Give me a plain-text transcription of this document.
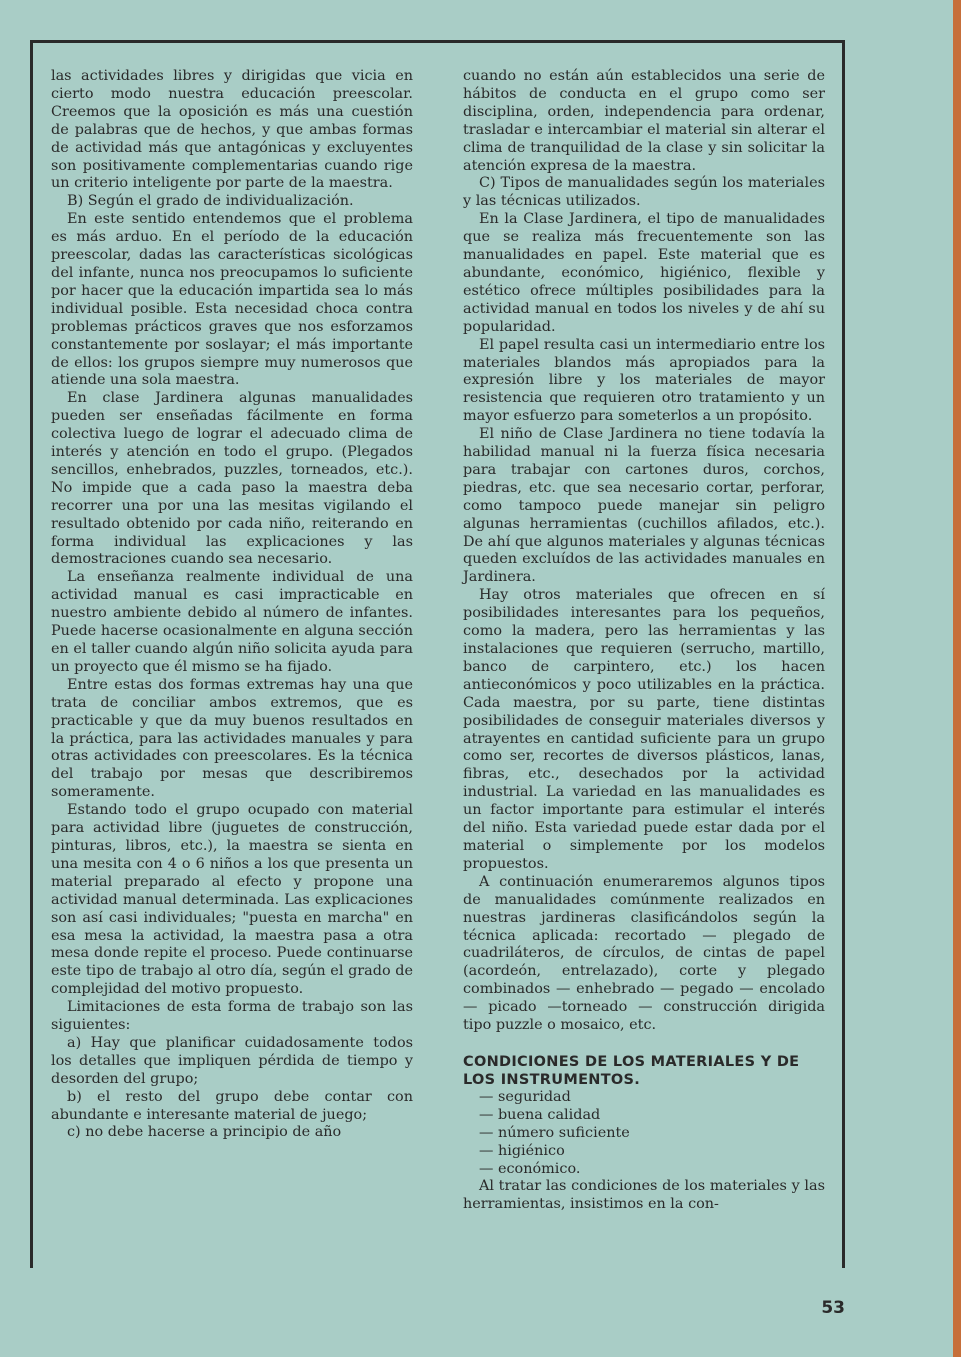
las actividades libres y dirigidas que vicia en cierto modo nuestra educación preescolar. Creemos que la oposición es más una cuestión de palabras que de hechos, y que ambas formas de actividad más que antagónicas y excluyentes son positivamente complementarias cuando rige un criterio inteligente por parte de la maestra.

B) Según el grado de individualización.

En este sentido entendemos que el problema es más arduo. En el período de la educación preescolar, dadas las características sicológicas del infante, nunca nos preocupamos lo suficiente por hacer que la educación impartida sea lo más individual posible. Esta necesidad choca contra problemas prácticos graves que nos esforzamos constantemente por soslayar; el más importante de ellos: los grupos siempre muy numerosos que atiende una sola maestra.

En clase Jardinera algunas manualidades pueden ser enseñadas fácilmente en forma colectiva luego de lograr el adecuado clima de interés y atención en todo el grupo. (Plegados sencillos, enhebrados, puzzles, torneados, etc.). No impide que a cada paso la maestra deba recorrer una por una las mesitas vigilando el resultado obtenido por cada niño, reiterando en forma individual las explicaciones y las demostraciones cuando sea necesario.

La enseñanza realmente individual de una actividad manual es casi impracticable en nuestro ambiente debido al número de infantes. Puede hacerse ocasionalmente en alguna sección en el taller cuando algún niño solicita ayuda para un proyecto que él mismo se ha fijado.

Entre estas dos formas extremas hay una que trata de conciliar ambos extremos, que es practicable y que da muy buenos resultados en la práctica, para las actividades manuales y para otras actividades con preescolares. Es la técnica del trabajo por mesas que describiremos someramente.

Estando todo el grupo ocupado con material para actividad libre (juguetes de construcción, pinturas, libros, etc.), la maestra se sienta en una mesita con 4 o 6 niños a los que presenta un material preparado al efecto y propone una actividad manual determinada. Las explicaciones son así casi individuales; "puesta en marcha" en esa mesa la actividad, la maestra pasa a otra mesa donde repite el proceso. Puede continuarse este tipo de trabajo al otro día, según el grado de complejidad del motivo propuesto.

Limitaciones de esta forma de trabajo son las siguientes:

a) Hay que planificar cuidadosamente todos los detalles que impliquen pérdida de tiempo y desorden del grupo;

b) el resto del grupo debe contar con abundante e interesante material de juego;

c) no debe hacerse a principio de año

cuando no están aún establecidos una serie de hábitos de conducta en el grupo como ser disciplina, orden, independencia para ordenar, trasladar e intercambiar el material sin alterar el clima de tranquilidad de la clase y sin solicitar la atención expresa de la maestra.

C) Tipos de manualidades según los materiales y las técnicas utilizados.

En la Clase Jardinera, el tipo de manualidades que se realiza más frecuentemente son las manualidades en papel. Este material que es abundante, económico, higiénico, flexible y estético ofrece múltiples posibilidades para la actividad manual en todos los niveles y de ahí su popularidad.

El papel resulta casi un intermediario entre los materiales blandos más apropiados para la expresión libre y los materiales de mayor resistencia que requieren otro tratamiento y un mayor esfuerzo para someterlos a un propósito.

El niño de Clase Jardinera no tiene todavía la habilidad manual ni la fuerza física necesaria para trabajar con cartones duros, corchos, piedras, etc. que sea necesario cortar, perforar, como tampoco puede manejar sin peligro algunas herramientas (cuchillos afilados, etc.). De ahí que algunos materiales y algunas técnicas queden excluídos de las actividades manuales en Jardinera.

Hay otros materiales que ofrecen en sí posibilidades interesantes para los pequeños, como la madera, pero las herramientas y las instalaciones que requieren (serrucho, martillo, banco de carpintero, etc.) los hacen antieconómicos y poco utilizables en la práctica. Cada maestra, por su parte, tiene distintas posibilidades de conseguir materiales diversos y atrayentes en cantidad suficiente para un grupo como ser, recortes de diversos plásticos, lanas, fibras, etc., desechados por la actividad industrial. La variedad en las manualidades es un factor importante para estimular el interés del niño. Esta variedad puede estar dada por el material o simplemente por los modelos propuestos.

A continuación enumeraremos algunos tipos de manualidades comúnmente realizados en nuestras jardineras clasificándolos según la técnica aplicada: recortado — plegado de cuadriláteros, de círculos, de cintas de papel (acordeón, entrelazado), corte y plegado combinados — enhebrado — pegado — encolado — picado —torneado — construcción dirigida tipo puzzle o mosaico, etc.

CONDICIONES DE LOS MATERIALES Y DE LOS INSTRUMENTOS.
— seguridad
— buena calidad
— número suficiente
— higiénico
— económico.

Al tratar las condiciones de los materiales y las herramientas, insistimos en la con-

53
